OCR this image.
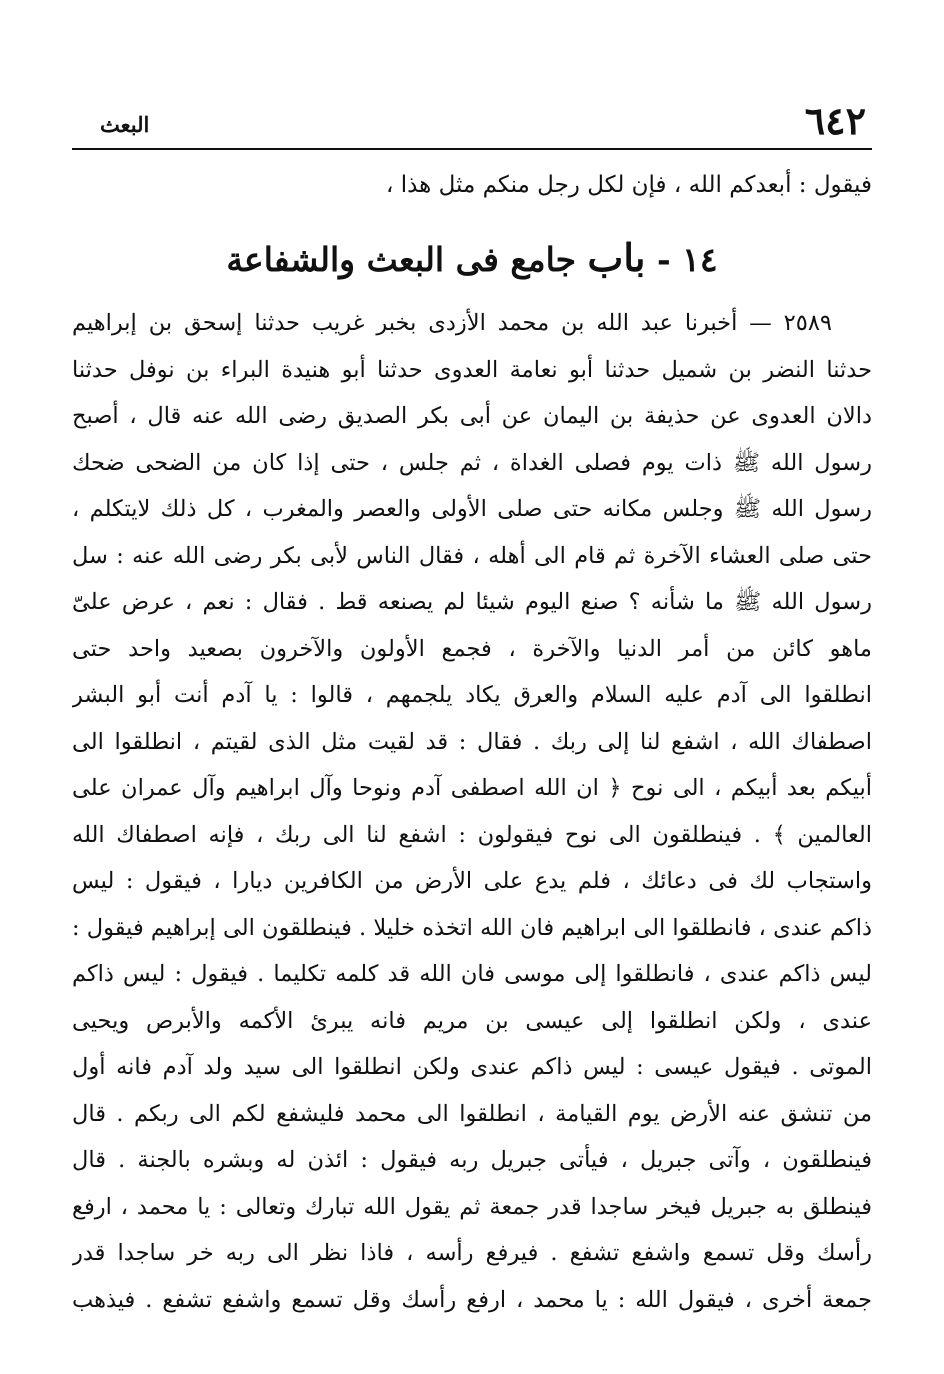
٦٤٢
البعث
فيقول : أبعدكم الله ، فإن لكل رجل منكم مثل هذا ،
١٤ - باب جامع فى البعث والشفاعة
٢٥٨٩ — أخبرنا عبد الله بن محمد الأزدى بخبر غريب حدثنا إسحق بن إبراهيم
حدثنا النضر بن شميل حدثنا أبو نعامة العدوى حدثنا أبو هنيدة البراء بن نوفل حدثنا
دالان العدوى عن حذيفة بن اليمان عن أبى بكر الصديق رضى الله عنه قال ، أصبح
رسول الله ﷺ ذات يوم فصلى الغداة ، ثم جلس ، حتى إذا كان من الضحى ضحك
رسول الله ﷺ وجلس مكانه حتى صلى الأولى والعصر والمغرب ، كل ذلك لايتكلم ،
حتى صلى العشاء الآخرة ثم قام الى أهله ، فقال الناس لأبى بكر رضى الله عنه : سل
رسول الله ﷺ ما شأنه ؟ صنع اليوم شيئا لم يصنعه قط . فقال : نعم ، عرض علىّ
ماهو كائن من أمر الدنيا والآخرة ، فجمع الأولون والآخرون بصعيد واحد حتى
انطلقوا الى آدم عليه السلام والعرق يكاد يلجمهم ، قالوا : يا آدم أنت أبو البشر
اصطفاك الله ، اشفع لنا إلى ربك . فقال : قد لقيت مثل الذى لقيتم ، انطلقوا الى
أبيكم بعد أبيكم ، الى نوح ﴿ ان الله اصطفى آدم ونوحا وآل ابراهيم وآل عمران على
العالمين ﴾ . فينطلقون الى نوح فيقولون : اشفع لنا الى ربك ، فإنه اصطفاك الله
واستجاب لك فى دعائك ، فلم يدع على الأرض من الكافرين ديارا ، فيقول : ليس
ذاكم عندى ، فانطلقوا الى ابراهيم فان الله اتخذه خليلا . فينطلقون الى إبراهيم فيقول :
ليس ذاكم عندى ، فانطلقوا إلى موسى فان الله قد كلمه تكليما . فيقول : ليس ذاكم
عندى ، ولكن انطلقوا إلى عيسى بن مريم فانه يبرئ الأكمه والأبرص ويحيى
الموتى . فيقول عيسى : ليس ذاكم عندى ولكن انطلقوا الى سيد ولد آدم فانه أول
من تنشق عنه الأرض يوم القيامة ، انطلقوا الى محمد فليشفع لكم الى ربكم . قال
فينطلقون ، وآتى جبريل ، فيأتى جبريل ربه فيقول : ائذن له وبشره بالجنة . قال
فينطلق به جبريل فيخر ساجدا قدر جمعة ثم يقول الله تبارك وتعالى : يا محمد ، ارفع
رأسك وقل تسمع واشفع تشفع . فيرفع رأسه ، فاذا نظر الى ربه خر ساجدا قدر
جمعة أخرى ، فيقول الله : يا محمد ، ارفع رأسك وقل تسمع واشفع تشفع . فيذهب
